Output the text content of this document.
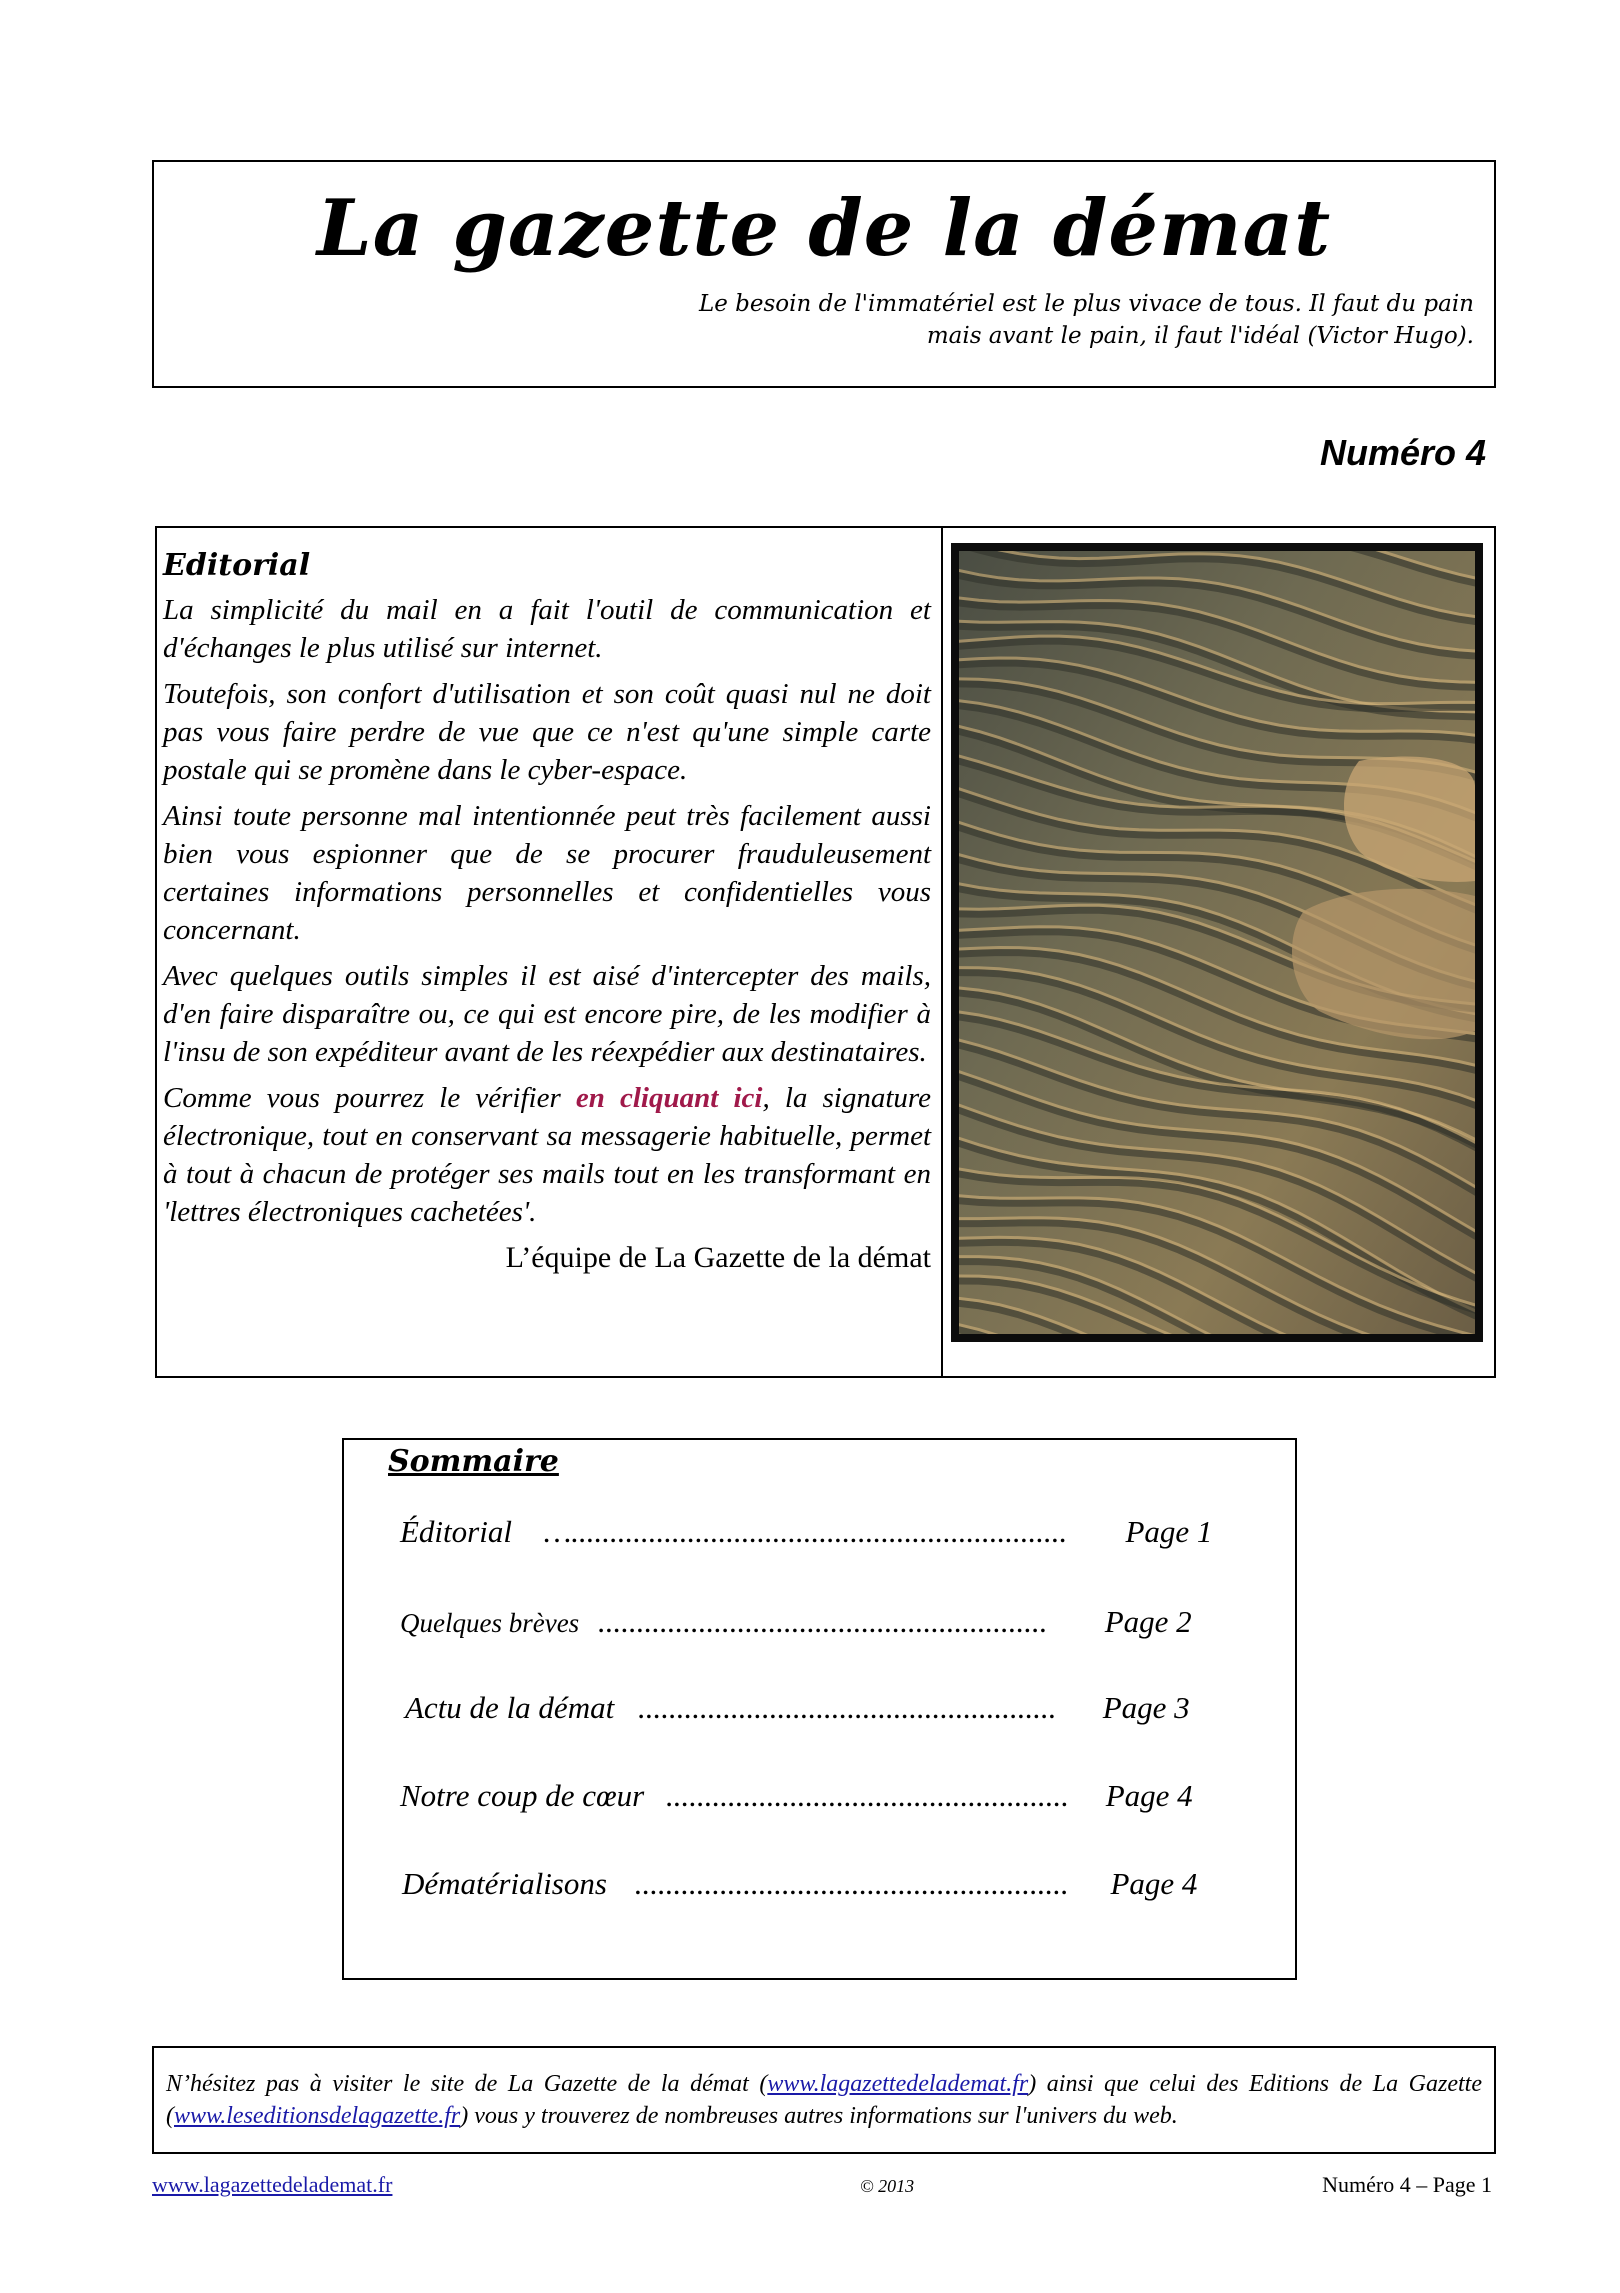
La gazette de la démat
Le besoin de l'immatériel est le plus vivace de tous. Il faut du pain
mais avant le pain, il faut l'idéal (Victor Hugo).
Numéro 4
Editorial

La simplicité du mail en a fait l'outil de communication et d'échanges le plus utilisé sur internet.

Toutefois, son confort d'utilisation et son coût quasi nul ne doit pas vous faire perdre de vue que ce n'est qu'une simple carte postale qui se promène dans le cyber-espace.

Ainsi toute personne mal intentionnée peut très facilement aussi bien vous espionner que de se procurer frauduleusement certaines informations personnelles et confidentielles vous concernant.

Avec quelques outils simples il est aisé d'intercepter des mails, d'en faire disparaître ou, ce qui est encore pire, de les modifier à l'insu de son expéditeur avant de les réexpédier aux destinataires.

Comme vous pourrez le vérifier en cliquant ici, la signature électronique, tout en conservant sa messagerie habituelle, permet à tout à chacun de protéger ses mails tout en les transformant en 'lettres électroniques cachetées'.

L’équipe de La Gazette de la démat
Sommaire
Éditorial …................................................................ Page 1
Quelques brèves .......................................................... Page 2
Actu de la démat ...................................................... Page 3
Notre coup de cœur .................................................... Page 4
Dématérialisons ........................................................ Page 4
N’hésitez pas à visiter le site de La Gazette de la démat (www.lagazettedelademat.fr) ainsi que celui des Editions de La Gazette (www.leseditionsdelagazette.fr) vous y trouverez de nombreuses autres informations sur l'univers du web.
www.lagazettedelademat.fr	© 2013	Numéro 4 – Page 1
